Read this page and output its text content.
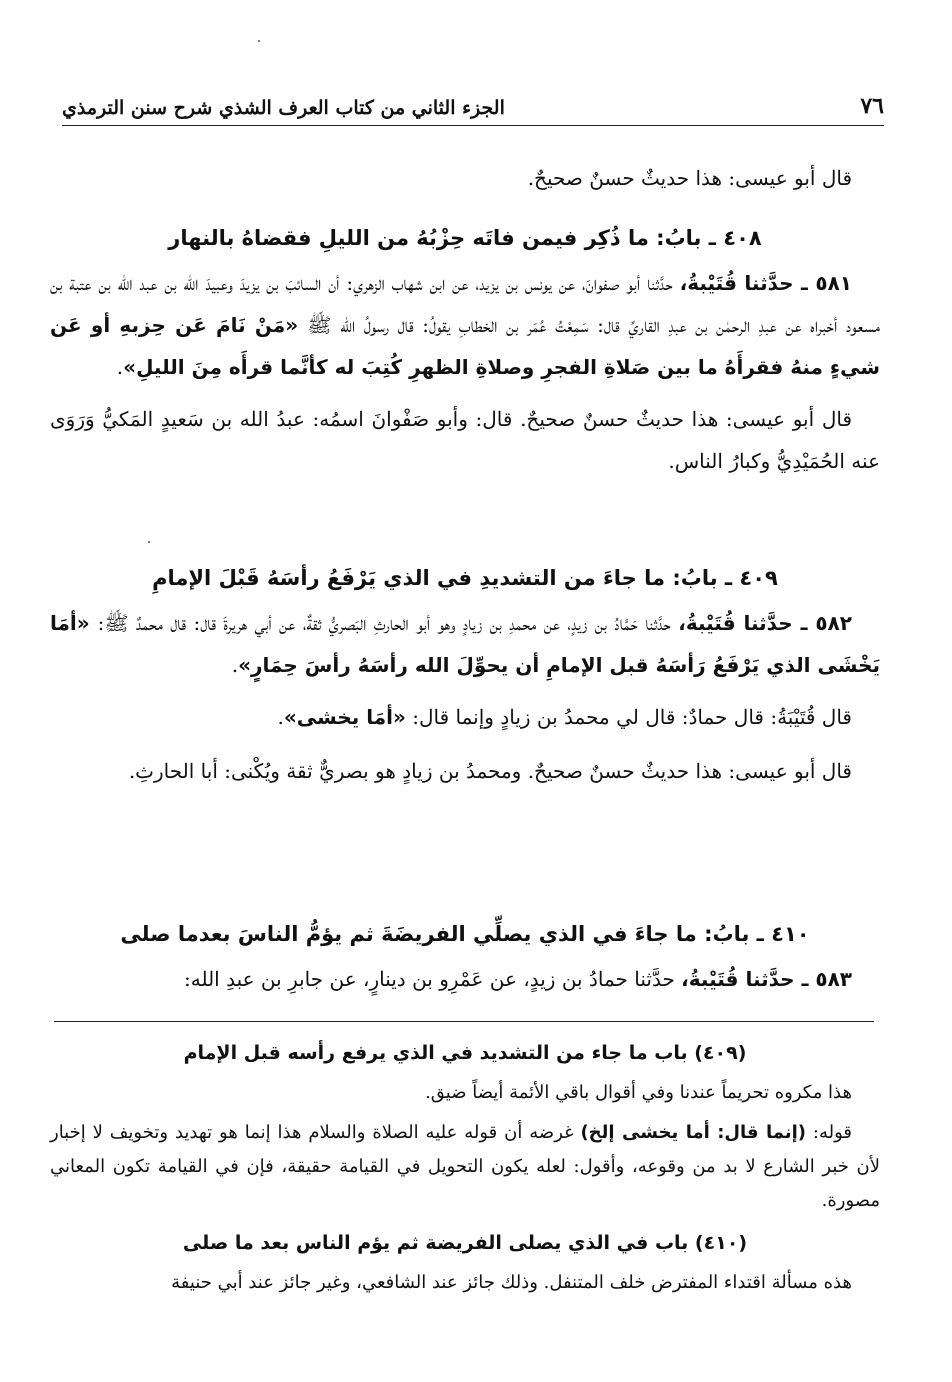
٧٦
الجزء الثاني من كتاب العرف الشذي شرح سنن الترمذي

قال أبو عيسى: هذا حديثٌ حسنٌ صحيحٌ.

٤٠٨ ـ بابُ: ما ذُكِر فيمن فاتَه حِزْبُهُ من الليلِ فقضاهُ بالنهار

٥٨١ ـ حدَّثنا قُتَيْبةُ، حدَّثنا أبو صفوانَ، عن يونس بن يزيد، عن ابن شهاب الزهري: أن السائبَ بن يزيدَ وعبيدَ الله بن عبد الله بن عتبة بن مسعود أخبراه عن عبدِ الرحمٰن بن عبدِ القاريِّ قال: سَمِعْتُ عُمَر بن الخطابِ يقولُ: قال رسولُ الله ﷺ «مَنْ نَامَ عَن حِزبهِ أو عَن شيءٍ منهُ فقرأَهُ ما بين صَلاةِ الفجرِ وصلاةِ الظهرِ كُتِبَ له كأنَّما قرأَه مِنَ الليلِ».

قال أبو عيسى: هذا حديثٌ حسنٌ صحيحٌ. قال: وأبو صَفْوانَ اسمُه: عبدُ الله بن سَعيدٍ المَكيُّ وَرَوَى عنه الحُمَيْدِيُّ وكبارُ الناس.

٤٠٩ ـ بابُ: ما جاءَ من التشديدِ في الذي يَرْفَعُ رأسَهُ قَبْلَ الإمامِ

٥٨٢ ـ حدَّثنا قُتَيْبةُ، حدَّثنا حَمَّادُ بن زيدٍ، عن محمدِ بن زيادٍ وهو أبو الحارثِ البَصريُّ ثقةٌ، عن أبي هريرةَ قال: قال محمدٌ ﷺ: «أمَا يَخْشَى الذي يَرْفَعُ رَأسَهُ قبل الإمامِ أن يحوِّلَ الله رأسَهُ رأسَ حِمَارٍ».

قال قُتَيْبَةُ: قال حمادٌ: قال لي محمدُ بن زيادٍ وإنما قال: «أمَا يخشى».

قال أبو عيسى: هذا حديثٌ حسنٌ صحيحٌ. ومحمدُ بن زيادٍ هو بصريٌّ ثقة ويُكْنى: أبا الحارثِ.

٤١٠ ـ بابُ: ما جاءَ في الذي يصلِّي الفريضَةَ ثم يؤمُّ الناسَ بعدما صلى

٥٨٣ ـ حدَّثنا قُتَيْبةُ، حدَّثنا حمادُ بن زيدٍ، عن عَمْرِو بن دينارٍ، عن جابرِ بن عبدِ الله:

(٤٠٩) باب ما جاء من التشديد في الذي يرفع رأسه قبل الإمام

هذا مكروه تحريماً عندنا وفي أقوال باقي الأئمة أيضاً ضيق.

قوله: (إنما قال: أما يخشى إلخ) غرضه أن قوله عليه الصلاة والسلام هذا إنما هو تهديد وتخويف لا إخبار لأن خبر الشارع لا بد من وقوعه، وأقول: لعله يكون التحويل في القيامة حقيقة، فإن في القيامة تكون المعاني مصورة.

(٤١٠) باب في الذي يصلى الفريضة ثم يؤم الناس بعد ما صلى

هذه مسألة اقتداء المفترض خلف المتنفل. وذلك جائز عند الشافعي، وغير جائز عند أبي حنيفة
